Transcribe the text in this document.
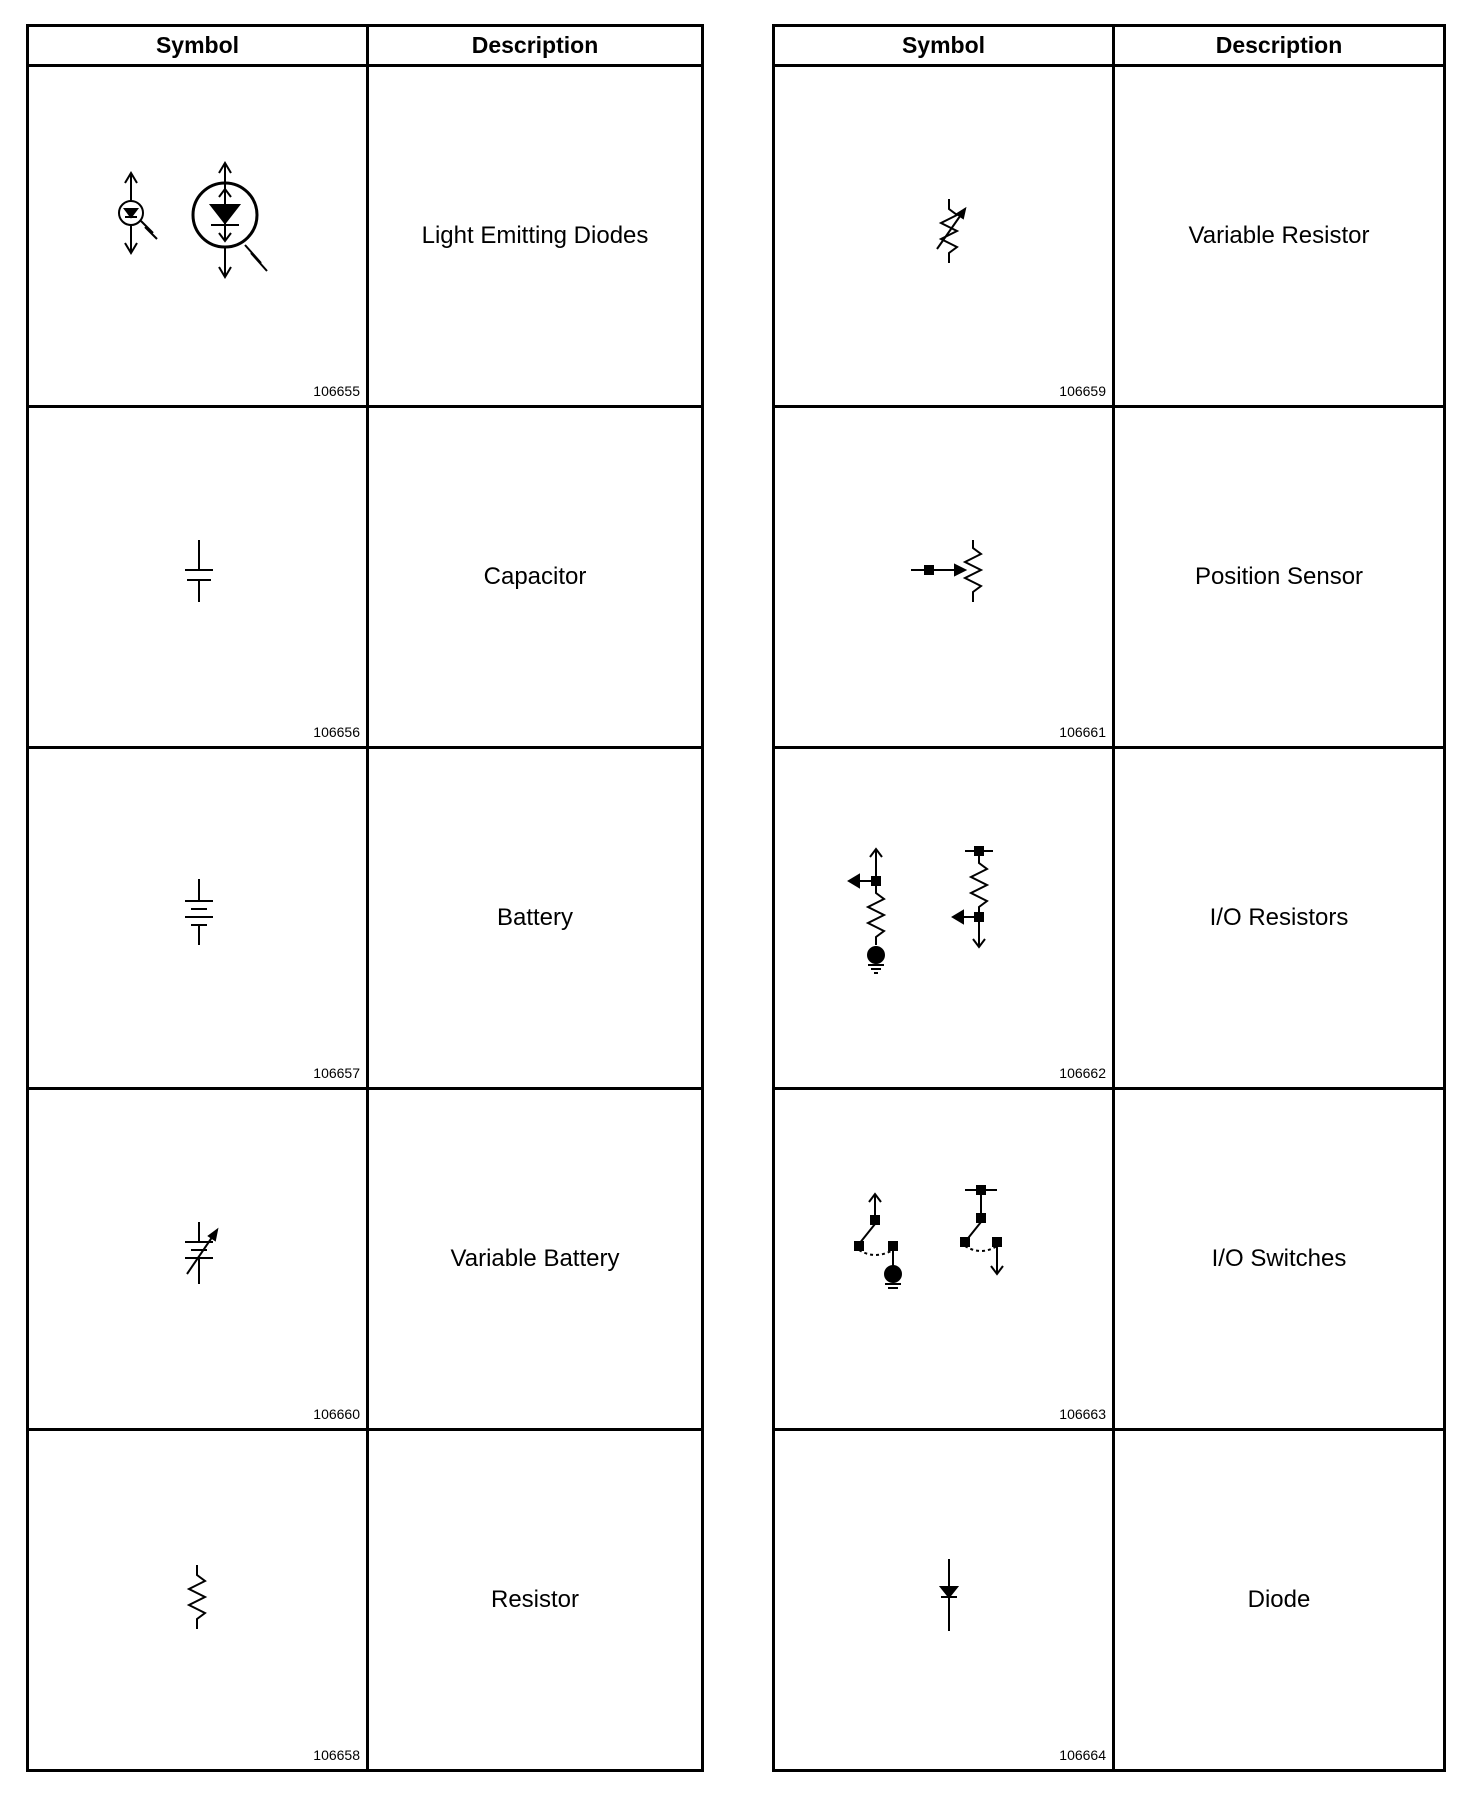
Symbol	Description
106655
Light Emitting Diodes
106656
Capacitor
106657
Battery
106660
Variable Battery
106658
Resistor
Symbol	Description
106659
Variable Resistor
106661
Position Sensor
106662
I/O Resistors
106663
I/O Switches
106664
Diode
